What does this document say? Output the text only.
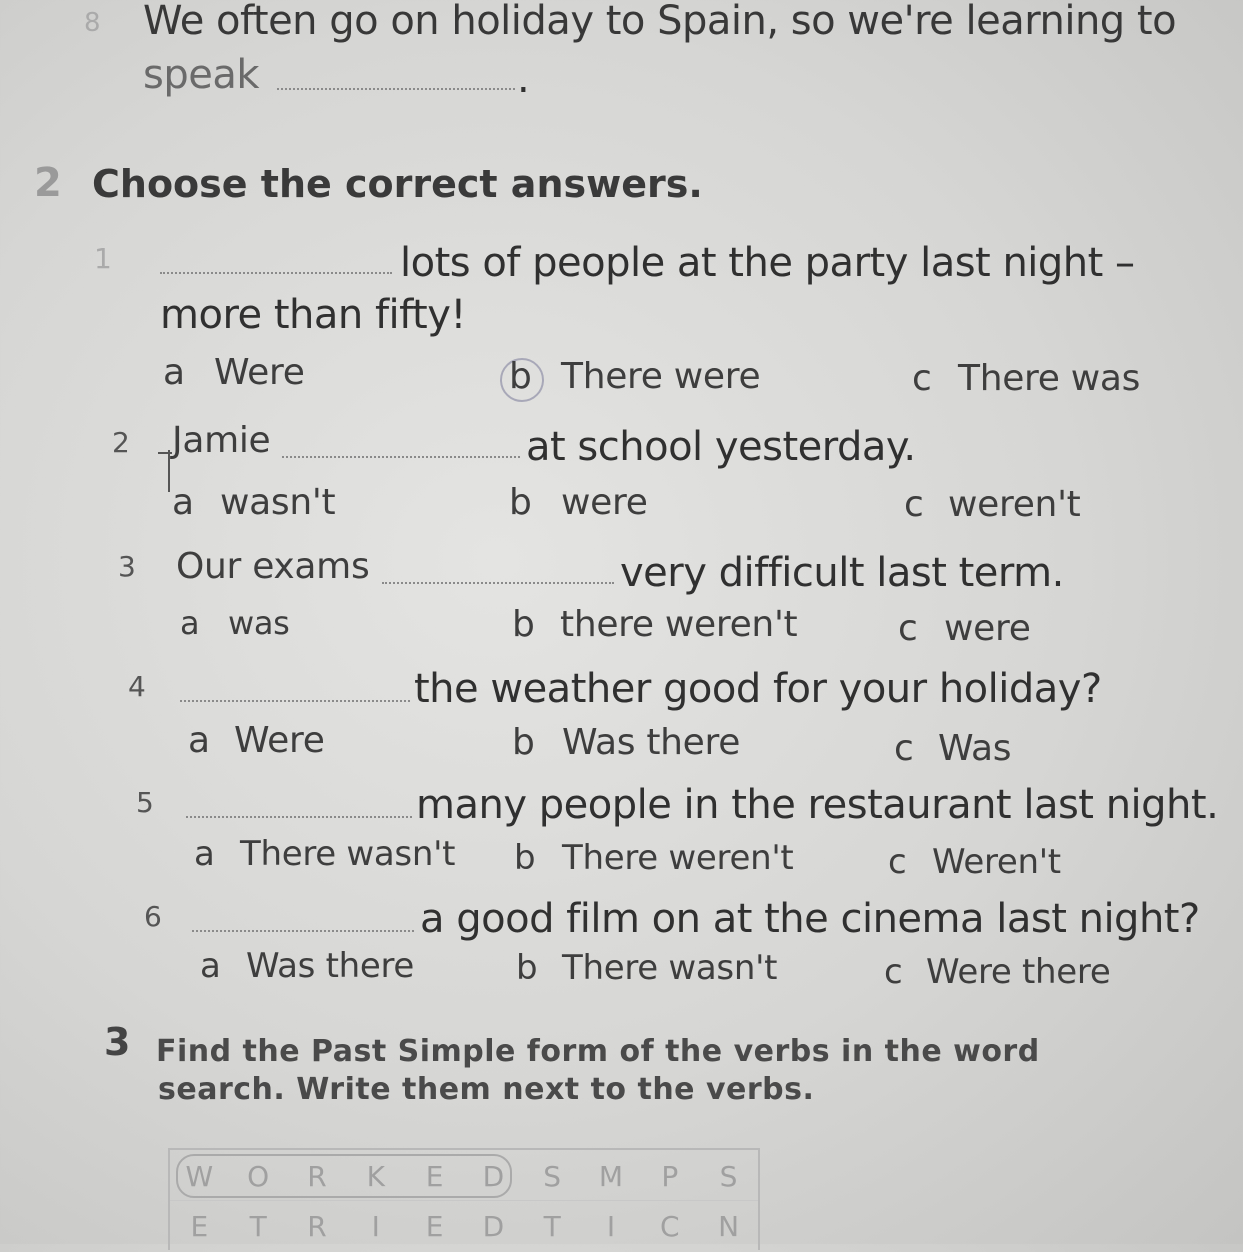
8 We often go on holiday to Spain, so we're learning to
speak	.
2 Choose the correct answers.
1	lots of people at the party last night –
more than fifty!
a Were	b There were	c There was
2 Jamie	at school yesterday.
a wasn't	b were	c weren't
3 Our exams	very difficult last term.
a was	b there weren't	c were
4	the weather good for your holiday?
a Were	b Was there	c Was
5	many people in the restaurant last night.
a There wasn't b There weren't	c Weren't
6	a good film on at the cinema last night?
a Was there	b There wasn't	c Were there
3 Find the Past Simple form of the verbs in the word
search. Write them next to the verbs.
W	O	R	K	E	D	S	M	P	S
E	T	R	I	E	D	T	I	C	N
